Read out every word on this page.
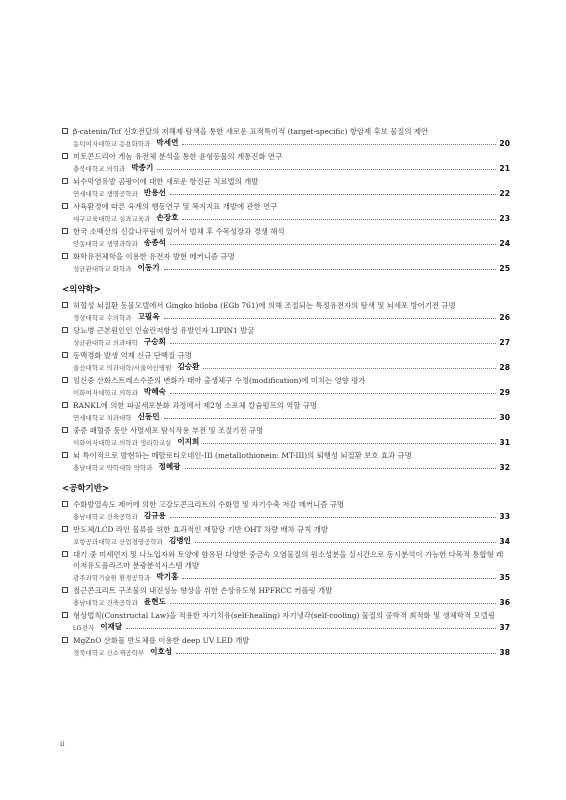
β-catenin/Tcf 신호전달의 저해제 탐색을 통한 새로운 표적특이적 (target-specific) 항암제 후보 물질의 제안
동덕여자대학교 응용화학과 박세연	20
미토콘드리아 게놈 유전체 분석을 통한 윤형동물의 계통진화 연구
충북대학교 의학과 박종기	21
뇌수막염유발 곰팡이에 대한 새로운 항진균 치료법의 개발
연세대학교 생명공학과 반용선	22
사육환경에 따른 육계의 행동연구 및 복지지표 개발에 관한 연구
대구교육대학교 실과교육과 손장호	23
한국 소백산의 신갈나무림에 있어서 벌채 후 수목성장과 경쟁 해석
안동대학교 생명과학과 송종석	24
화학유전체학을 이용한 유전자 발현 메커니즘 규명
성균관대학교 화학과 이동기	25
<의약학>
허혈성 뇌질환 동물모델에서 Gingko biloba (EGb 761)에 의해 조절되는 특정유전자의 탐색 및 뇌세포 방어기전 규명
경상대학교 수의학과 고필옥	26
당뇨병 근본원인인 인슐린저항성 유발인자 LIPIN1 발굴
성균관대학교 의과대학 구승회	27
동맥경화 발생 억제 신규 단백질 규명
울산대학교 의과대학/서울아산병원 김승환	28
임신중 산화스트레스수준의 변화가 태아 출생체구 수정(modification)에 미치는 영향 평가
이화여자대학교 의학과 박혜숙	29
RANKL에 의한 파골세포분화 과정에서 제2형 소포체 칼슘펌프의 역할 규명
연세대학교 치과대학 신동민	30
중증 패혈증 동안 사멸세포 탐식작용 부전 및 조절기전 규명
이화여자대학교 의학과 생리학교실 이지희	31
뇌 특이적으로 발현하는 메탈로티오네인-III (metallothionein: MT-III)의 퇴행성 뇌질환 보호 효과 규명
충남대학교 약학대학 약학과 정혜광	32
<공학기반>
수화발열속도 제어에 의한 고강도콘크리트의 수화열 및 자기수축 저감 메커니즘 규명
충남대학교 건축공학과 김규용	33
반도체/LCD 라인 물류를 위한 효과적인 재할당 기반 OHT 차량 배차 규칙 개발
포항공과대학교 산업경영공학과 김병인	34
대기 중 미세먼지 및 나노입자와 토양에 함유된 다양한 중금속 오염물질의 원소성분을 실시간으로 동시분석이 가능한 다목적 통합형 레이저유도플라즈마 분광분석시스템 개발
광주과학기술원 환경공학과 박기홍	35
철근콘크리트 구조물의 내진성능 향상을 위한 손상유도형 HPFRCC 커플링 개발
충남대학교 건축공학과 윤현도	36
형상법칙(Constructal Law)을 적용한 자기치유(self-healing) 자기냉각(self-cooling) 물질의 공학적 최적화 및 생체학적 모델링
LG전자 이재달	37
MgZnO 산화물 반도체를 이용한 deep UV LED 개발
경북대학교 신소재공학부 이호성	38
ii
